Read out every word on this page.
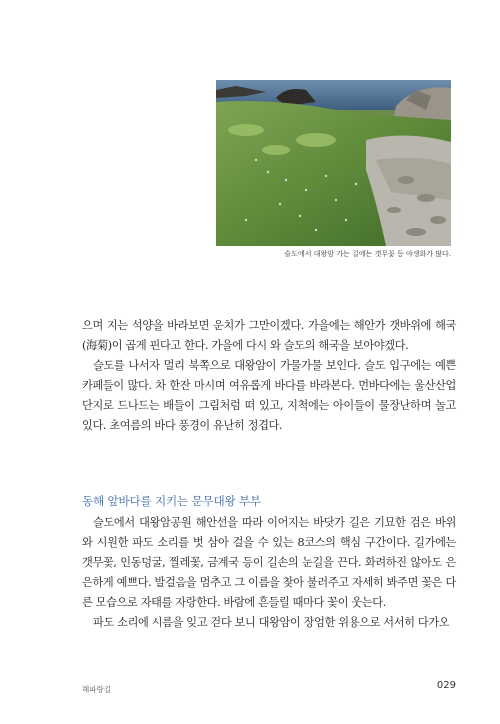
슬도에서 대왕암 가는 길에는 갯무꽃 등 야생화가 많다.

으며 지는 석양을 바라보면 운치가 그만이겠다. 가을에는 해안가 갯바위에 해국(海菊)이 곱게 핀다고 한다. 가을에 다시 와 슬도의 해국을 보아야겠다.

슬도를 나서자 멀리 북쪽으로 대왕암이 가물가물 보인다. 슬도 입구에는 예쁜 카페들이 많다. 차 한잔 마시며 여유롭게 바다를 바라본다. 먼바다에는 울산산업단지로 드나드는 배들이 그림처럼 떠 있고, 지척에는 아이들이 물장난하며 놀고 있다. 초여름의 바다 풍경이 유난히 정겹다.

동해 앞바다를 지키는 문무대왕 부부

슬도에서 대왕암공원 해안선을 따라 이어지는 바닷가 길은 기묘한 검은 바위와 시원한 파도 소리를 벗 삼아 걸을 수 있는 8코스의 핵심 구간이다. 길가에는 갯무꽃, 인동덩굴, 찔레꽃, 금계국 등이 길손의 눈길을 끈다. 화려하진 않아도 은은하게 예쁘다. 발걸음을 멈추고 그 이름을 찾아 불러주고 자세히 봐주면 꽃은 다른 모습으로 자태를 자랑한다. 바람에 흔들릴 때마다 꽃이 웃는다.

파도 소리에 시름을 잊고 걷다 보니 대왕암이 장엄한 위용으로 서서히 다가오

해파랑길	029
